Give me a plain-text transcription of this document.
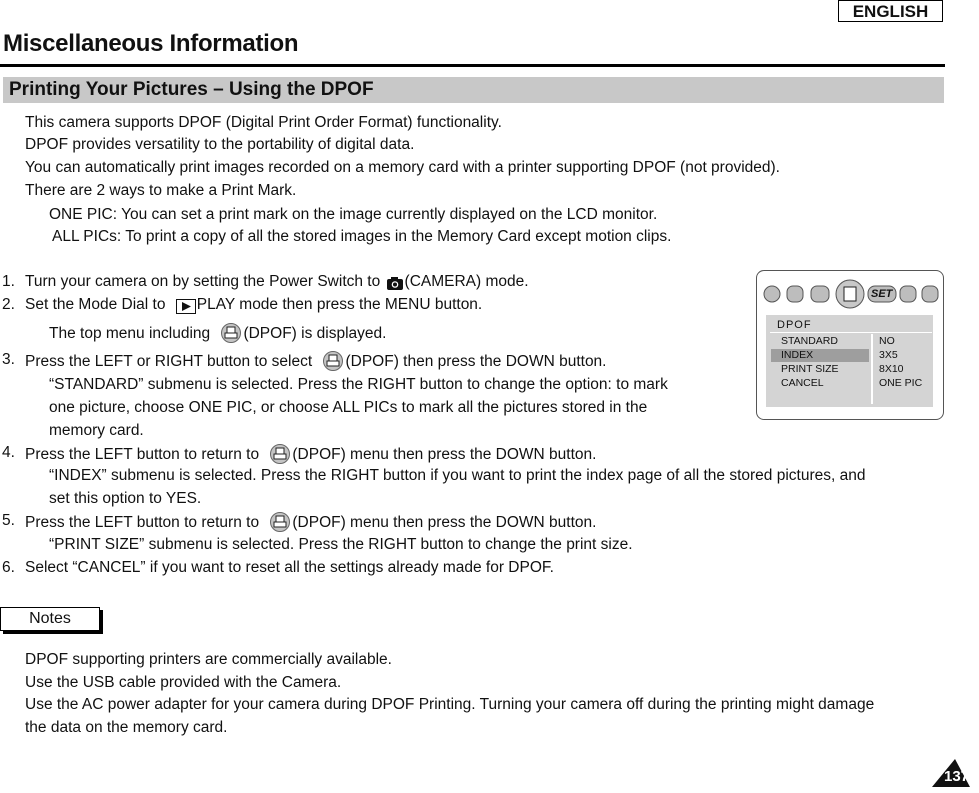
ENGLISH
Miscellaneous Information
Printing Your Pictures – Using the DPOF
This camera supports DPOF (Digital Print Order Format) functionality.
DPOF provides versatility to the portability of digital data.
You can automatically print images recorded on a memory card with a printer supporting DPOF (not provided).
There are 2 ways to make a Print Mark.
ONE PIC: You can set a print mark on the image currently displayed on the LCD monitor.
ALL PICs: To print a copy of all the stored images in the Memory Card except motion clips.
1. Turn your camera on by setting the Power Switch to (CAMERA) mode.
2. Set the Mode Dial to PLAY mode then press the MENU button.
The top menu including (DPOF) is displayed.
3. Press the LEFT or RIGHT button to select (DPOF) then press the DOWN button.
“STANDARD” submenu is selected. Press the RIGHT button to change the option: to mark
one picture, choose ONE PIC, or choose ALL PICs to mark all the pictures stored in the
memory card.
4. Press the LEFT button to return to (DPOF) menu then press the DOWN button.
“INDEX” submenu is selected. Press the RIGHT button if you want to print the index page of all the stored pictures, and
set this option to YES.
5. Press the LEFT button to return to (DPOF) menu then press the DOWN button.
“PRINT SIZE” submenu is selected. Press the RIGHT button to change the print size.
6. Select “CANCEL” if you want to reset all the settings already made for DPOF.
SET
DPOF
STANDARD
INDEX
PRINT SIZE
CANCEL
NO
3X5
8X10
ONE PIC
Notes
DPOF supporting printers are commercially available.
Use the USB cable provided with the Camera.
Use the AC power adapter for your camera during DPOF Printing. Turning your camera off during the printing might damage
the data on the memory card.
137
